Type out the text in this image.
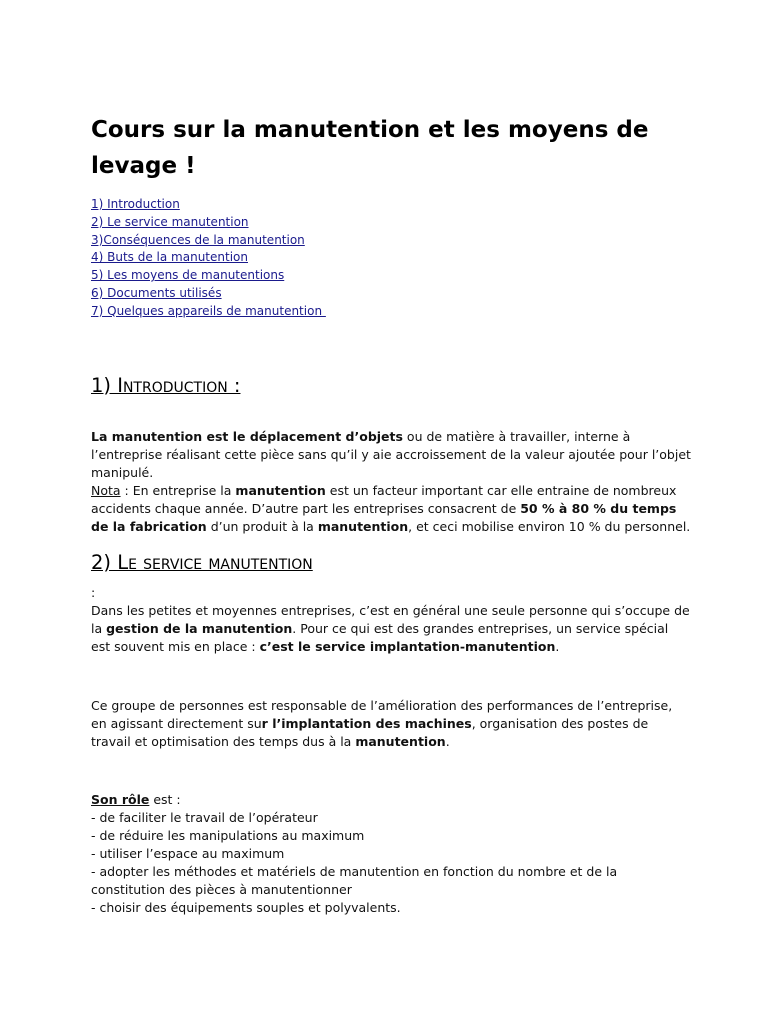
Cours sur la manutention et les moyens de levage !
1) Introduction
2) Le service manutention
3)Conséquences de la manutention
4) Buts de la manutention
5) Les moyens de manutentions
6) Documents utilisés
7) Quelques appareils de manutention
1) Introduction :

La manutention est le déplacement d’objets ou de matière à travailler, interne à l’entreprise réalisant cette pièce sans qu’il y aie accroissement de la valeur ajoutée pour l’objet manipulé.
Nota : En entreprise la manutention est un facteur important car elle entraine de nombreux accidents chaque année. D’autre part les entreprises consacrent de 50 % à 80 % du temps de la fabrication d’un produit à la manutention, et ceci mobilise environ 10 % du personnel.

2) Le service manutention

:
Dans les petites et moyennes entreprises, c’est en général une seule personne qui s’occupe de la gestion de la manutention. Pour ce qui est des grandes entreprises, un service spécial est souvent mis en place : c’est le service implantation-manutention.

Ce groupe de personnes est responsable de l’amélioration des performances de l’entreprise, en agissant directement sur l’implantation des machines, organisation des postes de travail et optimisation des temps dus à la manutention.

Son rôle est :

- de faciliter le travail de l’opérateur
- de réduire les manipulations au maximum
- utiliser l’espace au maximum
- adopter les méthodes et matériels de manutention en fonction du nombre et de la constitution des pièces à manutentionner
- choisir des équipements souples et polyvalents.
